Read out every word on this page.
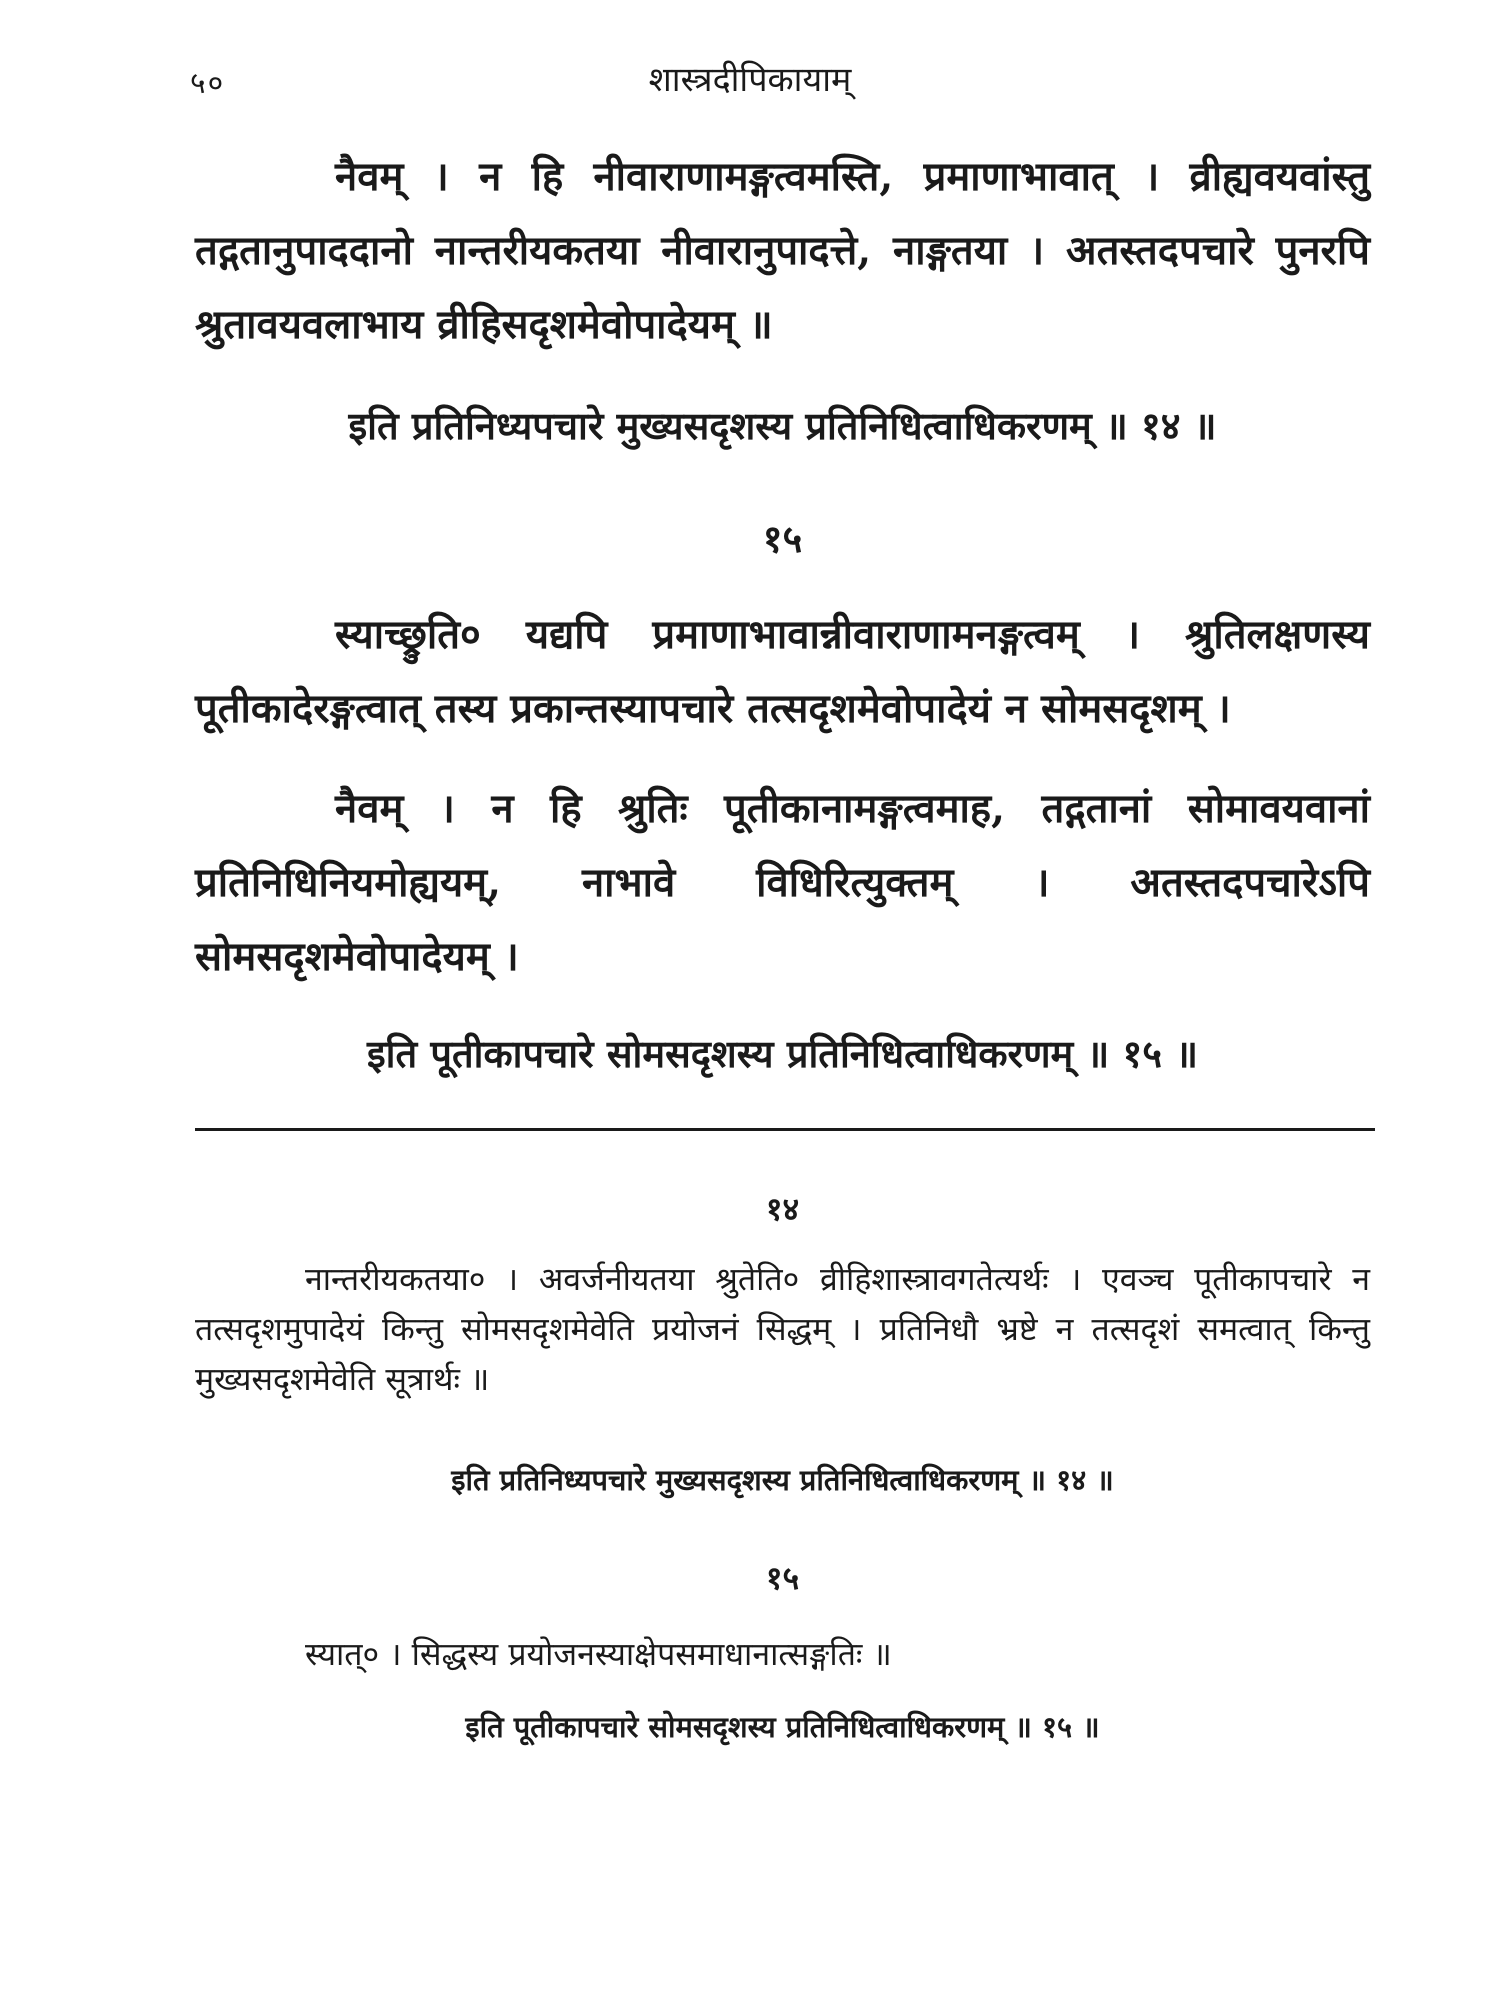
शास्त्रदीपिकायाम्
५०

नैवम् । न हि नीवाराणामङ्गत्वमस्ति, प्रमाणाभावात् । व्रीह्यवयवांस्तु तद्गतानुपाददानो नान्तरीयकतया नीवारानुपादत्ते, नाङ्गतया । अतस्तदपचारे पुनरपि श्रुतावयवलाभाय व्रीहिसदृशमेवोपादेयम् ॥

इति प्रतिनिध्यपचारे मुख्यसदृशस्य प्रतिनिधित्वाधिकरणम् ॥ १४ ॥

१५

स्याच्छ्रुति० यद्यपि प्रमाणाभावान्नीवाराणामनङ्गत्वम् । श्रुतिलक्षणस्य पूतीकादेरङ्गत्वात् तस्य प्रकान्तस्यापचारे तत्सदृशमेवोपादेयं न सोमसदृशम् ।

नैवम् । न हि श्रुतिः पूतीकानामङ्गत्वमाह, तद्गतानां सोमावयवानां प्रतिनिधिनियमोह्ययम्, नाभावे विधिरित्युक्तम् । अतस्तदपचारेऽपि सोमसदृशमेवोपादेयम् ।

इति पूतीकापचारे सोमसदृशस्य प्रतिनिधित्वाधिकरणम् ॥ १५ ॥

१४

नान्तरीयकतया० । अवर्जनीयतया श्रुतेति० व्रीहिशास्त्रावगतेत्यर्थः । एवञ्च पूतीकापचारे न तत्सदृशमुपादेयं किन्तु सोमसदृशमेवेति प्रयोजनं सिद्धम् । प्रतिनिधौ भ्रष्टे न तत्सदृशं समत्वात् किन्तु मुख्यसदृशमेवेति सूत्रार्थः ॥

इति प्रतिनिध्यपचारे मुख्यसदृशस्य प्रतिनिधित्वाधिकरणम् ॥ १४ ॥

१५

स्यात्० । सिद्धस्य प्रयोजनस्याक्षेपसमाधानात्सङ्गतिः ॥

इति पूतीकापचारे सोमसदृशस्य प्रतिनिधित्वाधिकरणम् ॥ १५ ॥
